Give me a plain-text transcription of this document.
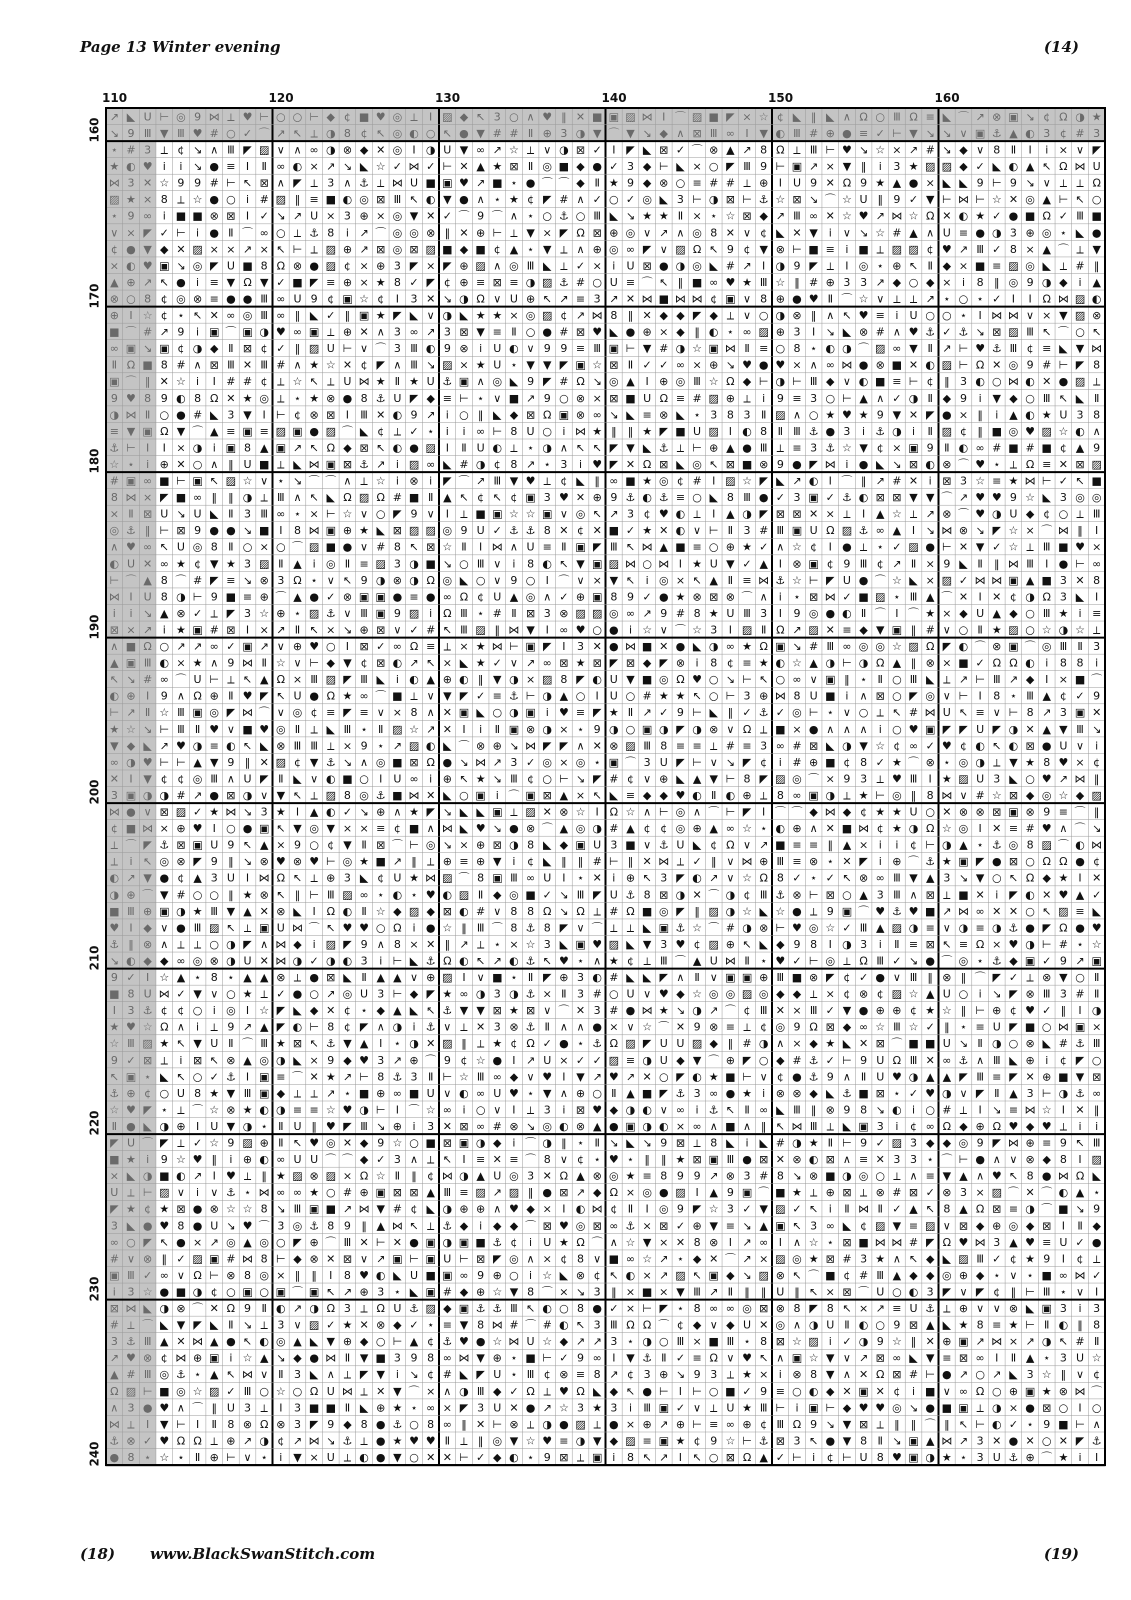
Page 13 Winter evening	(14)
↗ ◣ U ⊢ ◎ 9 ⋈ ⟂ ♥ ⊢ ○ ○ ⊢ ◆ ¢ ■ ♥ ◎ ⟂ Ⅰ ▨ ◆ ↖ 3 ○ ∧ ♥ ‖ ✕ ■ ▣ ▨ ⋈ Ⅰ ⌒ ▨ ■ ◤ × ☆ ¢ ◣ ‖ ◣ ∧ Ω ○ Ⅲ Ω ≡ ◣ ⌒ ↗ ⊗ ▣ ↘ ¢ Ω ◑ ★
↘ 9 Ⅲ ▼ Ⅲ ♥ # ○ ✓ ⌒ ↗ ↖ ⟂ ◑ 8 ¢ ↖ ◎ ◐ ○ ↖ ● ▼ # # Ⅱ ⊕ 3 ◑ ▼ ⌒ ▼ ↘ ◆ ∧ ⊠ Ⅲ ∞ Ⅰ ▼ ◐ Ⅲ # ⊕ ● ≡ ✓ ⊢ ▼ ↘ ↘ ∨ ▣ ⚓ ▲ ◐ 3 ¢ # 3
⋆ # 3 ⟂ ¢ ↘ ∧ Ⅲ ◤ ▨ ∨ ∧ ∞ ◑ ⊗ ◆ ✕ ◎ Ⅰ ◑ U ▼ ∞ ↗ ☆ ⟂ ∨ ◑ ⊠ ✓ Ⅰ ◤ ◣ ⊠ ✓ ⌒ ⊗ ▲ ↗ 8 Ω ⟂ Ⅲ ⊢ ♥ ↘ ☆ × ↗ # ↘ ◆ ∨ 8 Ⅱ Ⅰ ⅰ × ∨ ◤
★ ◐ ♥ ⅰ ⅰ ↘ ● ≡ Ⅰ Ⅱ ∞ ◐ × ↗ ↘ ◣ ☆ ✓ ⋈ ✓ ⊢ ✕ ▲ ★ ⊠ Ⅱ ◎ ■ ◆ ● ✓ 3 ◆ ⊢ ◣ × ○ ◤ Ⅲ 9 ⊢ ▣ ↗ × ▼ ‖ ⅰ 3 ★ ▨ ▨ ◆ ✓ ◣ ◐ ▲ ↖ Ω ⋈ U
⋈ 3 ✕ ☆ 9 9 # ⊢ ↖ ⊠ ∧ ◤ ⟂ 3 ∧ ⚓ ⟂ ⋈ U ■ ▣ ♥ ↗ ■ ⋆ ● ⌒ ⌒ ◆ Ⅱ ★ 9 ◆ ⊗ ○ ≡ # # ⟂ ⊕ Ⅰ U 9 ✕ Ω 9 ★ ▲ ● × ◣ ◣ 9 ⊢ 9 ↘ ∨ ⟂ ⟂ Ω
▨ ★ × 8 ⟂ ☆ ● ○ ⅰ # ▨ ‖ ≡ ■ ◐ ◎ ⊠ Ⅲ ↖ ◐ ▼ ● ∧ ⋆ ★ ¢ ◤ # ∧ ✓ ○ ✓ ◎ ◣ 3 ⊢ ◑ ⊠ ⊢ ⚓ ☆ ⊠ ↘ ⌒ ☆ U ‖ 9 ✓ ▼ ⊢ ⋈ ⊢ ☆ ✕ ◎ ▲ ⊢ ↖ ○
⋆ 9 ∞ ⅰ ■ ■ ⊗ ⊠ Ⅰ ✓ ↘ ↗ U × 3 ⊕ × ◎ ▼ ✕ ✓ ⌒ 9 ⌒ ∧ ⋆ ○ ⚓ ○ Ⅲ ◣ ↘ ★ ★ Ⅱ × ⋆ ☆ ⊠ ◆ ↗ Ⅲ ∞ ✕ ☆ ♥ ↗ ⋈ ☆ Ω ✕ ◐ ★ ✓ ● ■ Ω ✓ Ⅲ ■
∨ × ◤ ✓ ⊢ ⅰ ● Ⅱ ⌒ ∞ ○ ⟂ ⚓ 8 ⅰ ↗ ⌒ ◎ ◎ ⊗ ‖ ✕ ⊕ ⊢ ⟂ ▼ × ◤ Ω ⊠ ⊕ ◎ ∨ ↗ ∧ ◎ 8 ✕ ∨ ¢ ◣ ✕ ▼ ⅰ ∨ ↘ ☆ # ▲ ∧ U ≡ ● ◑ 3 ⊕ ◎ ⋆ ◣ ●
¢ ● ▼ ◆ ✕ ▨ × × ↗ × ↖ ⊢ ⟂ ▨ ⊕ ↗ ⊠ ◎ ⊠ ▨ ■ ◆ ■ ¢ ▲ ⋆ ▼ ⟂ ∧ ⊕ ◎ ∞ ◤ ∨ ▨ Ω ↖ 9 ¢ ▼ ⊗ ⊢ ■ ≡ ⅰ ■ ⟂ ▨ ▨ ¢ ♥ ↗ Ⅲ ✓ 8 × ▲ ⌒ ⟂ ▼
× ◐ ♥ ▣ ↘ ◎ ◤ U ■ 8 Ω ⊗ ● ▨ ¢ × ⊕ 3 ◤ × ◤ ⊕ ▨ ∧ ◎ Ⅲ ◣ ⟂ ✓ × ⅰ U ⊠ ● ◑ ◎ ◣ # ↗ Ⅰ ◑ 9 ◤ ⟂ Ⅰ ◎ ⋆ ⊕ ↖ Ⅱ ◆ × ■ ≡ ▨ ◎ ◣ ⟂ # ‖
▲ ⊕ ↗ ↖ ● ⅰ ≡ ▼ Ω ▼ ✓ ■ ◤ ≡ ⊕ × ★ 8 ✓ ◤ ¢ ⊕ ≡ ⊠ ≡ ◑ ▨ ⚓ # ○ U ≡ ⌒ ↖ ‖ ■ ∞ ♥ ★ Ⅲ ☆ ‖ # ⊕ 3 3 ↗ ◆ ○ ◆ × ⅰ 8 ‖ ◎ 9 ◑ ◆ ⅰ ▲
⊗ ○ 8 ¢ ◎ ⊗ ≡ ● ● Ⅲ ∞ U 9 ¢ ▣ ☆ ¢ Ⅰ 3 ✕ ↘ ◑ Ω ∨ U ⊕ ↖ ↗ ≡ 3 ↗ ✕ ⋈ ■ ⋈ ⋈ ¢ ▣ ∨ 8 ⊕ ● ♥ Ⅱ ⌒ ☆ ∨ ⟂ ⟂ ↗ ⋆ ○ ⋆ ✓ Ⅰ Ⅰ Ω ⋈ ▨ ◐
⊕ Ⅰ ☆ ¢ ⋆ ↖ ✕ ∞ ◎ Ⅲ ∞ ‖ ◣ ✓ ‖ ▣ ★ ◤ ◣ ∨ ◑ ◣ ★ ★ × ◎ ▨ ¢ ↗ ⋈ 8 ‖ ✕ ◆ ◆ ◤ ◆ ⟂ ∨ ○ ◑ ⊗ ‖ ∧ ↖ ♥ ≡ ⅰ U ○ ○ ⋆ Ⅰ ⋈ ⋈ ∨ × ▼ ▨ ⊗
■ ⌒ # ↗ 9 ⅰ ▣ ⌒ ▣ ◑ ♥ ∞ ▣ ⟂ ⊕ ✕ ∧ 3 ∞ ↗ 3 ⊠ ▼ ≡ Ⅱ ○ ● # ⊠ ♥ ◣ ● ⊕ × ◆ ‖ ◐ ⋆ ∞ ▨ ⊕ 3 Ⅰ ↘ ◣ ⊗ # ∧ ♥ ⚓ ✓ ⚓ ↘ ⊠ ▨ Ⅲ ↖ ⌒ ○ ↖
∞ ▣ ↘ ▣ ¢ ◑ ◆ Ⅱ ⊠ ¢ ✓ ‖ ▨ U ⊢ ∨ ⌒ 3 Ⅲ ◐ 9 ⊗ ⅰ U ◐ ∨ 9 9 ≡ Ⅲ ▣ ⊢ ▼ # ◑ ☆ ▣ ⋈ Ⅱ ≡ ○ 8 ⋆ ◐ ◑ ⌒ ▨ ∞ ▼ Ⅱ ↗ ⊢ ♥ ⚓ Ⅲ ¢ ≡ ◣ ▼ ⋈
Ⅱ Ω ■ 8 # ∧ ⊠ Ⅲ ✕ Ⅲ # ∧ ★ ☆ ✕ ¢ ◤ ∧ Ⅲ ↘ ▨ × ★ U ⋆ ▼ ▼ ◤ ▣ ☆ ⊠ Ⅱ ✓ ✓ ∞ × ⊕ ↘ ♥ ● ♥ × ∧ ∞ ⋈ ● ⊗ ■ ✕ ◐ ▨ ⊢ Ω ✕ ◎ 9 # ⊢ ◤ 8
▣ ⌒ ‖ ✕ ☆ ⅰ Ⅰ # # ¢ ⟂ ☆ ↖ ⟂ U ⋈ ★ Ⅱ ★ U ⚓ ▣ ∧ ◎ ◣ 9 ◤ # Ω ↘ ◎ ▲ Ⅰ ⊕ ◎ Ⅲ ☆ Ω ◆ ⊢ ◑ ⊢ Ⅲ ◆ ∨ ◐ ■ ≡ ⊢ ¢ ‖ 3 ◐ ○ ⋈ ◐ ✕ ● ▨ ⟂
9 ♥ 8 9 ◐ 8 Ω ✕ ★ ◎ ⟂ ⋆ ★ ⊗ ● 8 ⚓ U ◤ ◆ ≡ ⊢ ⋆ ∨ ■ ↗ 9 ○ ⊗ × ⊠ ■ U Ω ≡ # ▨ ⊕ ⟂ ⅰ 9 ≡ 3 ○ ⊢ ▲ ∧ ✓ ◑ Ⅱ ◆ 9 ⅰ ▼ ◆ ○ Ⅲ ↖ ◣ Ⅱ
◑ ⋈ Ⅱ ○ ● # ◣ 3 ▼ Ⅰ ⊢ ¢ ⊗ ⊠ Ⅰ Ⅲ ✕ ◐ 9 ↗ ⅰ ○ ‖ ◣ ◆ ⊠ Ω ▣ ⊗ ∞ ↘ ◣ ≡ ⊗ ◣ ⋆ 3 8 3 Ⅱ ▨ ∧ ○ ★ ♥ ★ 9 ▼ ✕ ◤ ● × ‖ ⅰ ▲ ◐ ★ U 3 8
≡ ▼ ▣ Ω ▼ ⌒ ▲ ≡ ▣ ≡ ▨ ▣ ● ▨ ⌒ ◣ ¢ ⟂ ✓ ⋆ ⅰ ⅰ ∞ ⊢ 8 U ○ ⅰ ⋈ ★ ‖ ‖ ★ ◤ ■ U ▨ Ⅰ ◐ 8 Ⅱ Ⅲ ⚓ ● 3 ⅰ ⚓ ◑ ⅰ Ⅱ ▨ ¢ ‖ ■ ◎ ♥ ▨ ☆ ◐ ∧
⚓ ⊢ Ⅰ Ⅰ × ◑ ⅰ ▣ 8 ▲ ▣ ↗ ↖ Ω ◆ ⊠ ↖ ◐ ● ▨ Ⅰ Ⅱ U ◐ ⟂ ⋆ ◑ ∧ ↖ ↖ ◤ ▼ ◣ ⚓ ⟂ ⊢ ⊕ ▲ ● Ⅲ ⟂ ≡ 3 ⚓ ☆ ▼ ¢ × ▣ 9 Ⅱ ◐ ∞ # ■ # ■ ¢ ▲ 9
☆ ⋆ ⅰ ⊕ ✕ ○ ∧ ‖ U ■ ⟂ ◣ ⋈ ▣ ⊠ ⚓ ↗ ⅰ ▨ ∞ ◣ # ◑ ¢ 8 ↗ ⋆ 3 ⅰ ♥ ◤ ✕ Ω ⊠ ◣ ◎ ↖ ⊠ ■ ⊗ 9 ● ◤ ⋈ ⅰ ● ◣ ↘ ⊠ ◐ ⊗ ⌒ ♥ ⋆ ⟂ Ω ≡ ✕ ⊠ ▨
# ▣ ∞ ■ ⊢ ▣ ↖ ▨ ☆ ∨ ⋆ ↘ ⌒ ⌒ ∧ ⟂ ☆ ⅰ ⊗ ⅰ ◤ ⌒ ↗ Ⅲ ▼ ♥ ⟂ ¢ ◣ ‖ ∞ ■ ★ ◎ ¢ # Ⅰ ▨ ☆ ◤ ◣ ↗ ◐ Ⅰ ⌒ ‖ ↗ # ✕ ⅰ ⊠ 3 ☆ ≡ ★ ⋈ ⊢ ✓ ↖ ■
8 ⋈ × ◤ ■ ∞ ‖ ‖ ◑ ⟂ Ⅲ ∧ ↖ ◣ Ω ▨ Ω # ■ Ⅱ ▲ ↖ ¢ ↖ ¢ ▣ 3 ♥ ✕ ⊕ 9 ⚓ ◐ ⚓ ≡ ○ ◣ 8 Ⅲ ● ✓ 3 ▣ ✓ ⚓ ◐ ⊠ ⊠ ▼ ▼ ⌒ ↗ ♥ ♥ 9 ☆ ◣ 3 ◎ ◎
× Ⅱ ⊠ U ↘ U ◣ Ⅱ 3 Ⅲ ∞ ⋆ × ⊢ ☆ ∨ ○ ◤ 9 ∨ Ⅰ ⟂ ■ ▣ ☆ ☆ ▣ ∨ ◎ ↖ ↗ 3 ¢ ♥ ◐ ⟂ Ⅰ ▲ ◑ ◤ ⊠ ⊠ ✕ × ⟂ Ⅰ ▲ ☆ ⟂ ↗ ⊗ ⌒ ♥ ◑ U ◆ ¢ ○ ⟂ Ⅲ
◎ ⚓ ‖ ⊢ ⊠ 9 ● ● ↘ ■ Ⅰ 8 ⋈ ▣ ⊕ ★ ◣ ⊠ ▨ ▨ ◎ 9 U ✓ ⚓ ⚓ 8 ✕ ¢ ✕ ■ ✓ ★ ✕ ◐ ∨ ⊢ Ⅱ 3 # Ⅲ ▣ U Ω ▨ ⚓ ∞ ▲ Ⅰ ↘ ⋈ ⊗ ↘ ◤ ☆ × ⌒ ⋈ ‖ Ⅰ
∧ ♥ ∞ ↖ U ◎ 8 Ⅱ ○ × ○ ⌒ ▨ ■ ● ∨ # 8 ↖ ⊠ ☆ Ⅱ Ⅰ ⋈ ∧ U ≡ Ⅱ ▣ ◤ Ⅲ ↖ ⋈ ▲ ■ ≡ ○ ⊕ ★ ✓ ∧ ☆ ¢ Ⅰ ● ⟂ ⋆ ✓ ▨ ● ⊢ ✕ ▼ ✓ ☆ ⟂ Ⅲ ■ ♥ ×
◐ U ✕ ∞ ★ ¢ ▼ ★ 3 ▨ Ⅱ ▲ ⅰ ◎ Ⅱ ≡ ▨ 3 ◑ ■ ↘ ○ Ⅲ ∨ ⅰ 8 ◐ ↖ ▼ ▣ ▨ ⋈ ○ ⋈ Ⅰ ★ U ▼ ✓ ▲ Ⅰ ⊗ ▣ ¢ 9 Ⅲ ¢ ↗ Ⅱ × 9 ◣ Ⅱ ‖ ⋈ Ⅲ Ⅰ ● ⊢ ∞
⊢ ⌒ ▲ 8 ⌒ # ◤ ≡ ↘ ⊗ 3 Ω ⋆ ∨ ↖ 9 ◑ ⊗ ◑ Ω ◎ ◣ ○ ∨ 9 ○ Ⅰ ⌒ ∨ × ▼ ↖ ⅰ ◎ × ↖ ▲ Ⅱ ≡ ⋈ ⚓ ☆ ⊢ ◤ U ● ⌒ ☆ ◣ × ▨ ✓ ⋈ ⋈ ▣ ▲ ■ 3 ✕ 8
⋈ Ⅰ U 8 ◑ ⊢ 9 ■ ≡ ⊕ ⌒ ▲ ● ✓ ⊗ ▣ ▣ ● ≡ ● ∞ Ω ¢ U ▲ ◎ ∧ ✓ ⊕ ▣ 8 9 ✓ ● ★ ⊗ ⊠ ⊗ ⌒ ∧ ⅰ ⋆ ⊠ ⋈ ✓ ■ ▨ ⋆ Ⅲ ▲ ⌒ ✕ Ⅰ ✕ ¢ ◑ Ω 3 ◣ Ⅰ
ⅰ ⅰ ↘ ▲ ⊗ ✓ ⟂ ◤ 3 ☆ ⊕ ⋆ ▨ ⚓ ∨ Ⅲ ▣ 9 ▨ ⅰ Ω Ⅲ ⋆ # Ⅱ ⊠ 3 ⊗ ▨ ▨ ◎ ∞ ↗ 9 # 8 ★ U Ⅲ 3 Ⅰ 9 ◎ ● ◐ Ⅱ ⌒ Ⅰ ⌒ ★ × ◆ U ▲ ◆ ○ Ⅲ ★ ⅰ ≡
⊠ × ↗ ⅰ ★ ▣ # ⊠ Ⅰ × ↗ Ⅱ ↖ × ↘ ⊕ ⊠ ∨ ✓ # ↖ Ⅲ ▨ ‖ ⋈ ▼ Ⅰ ∞ ♥ ○ ● ⅰ ☆ ∨ ⌒ ☆ 3 Ⅰ ▨ Ⅱ Ω ↗ ▨ ✕ ≡ ◆ ▼ ▣ ‖ # ∨ ○ Ⅱ ★ ▨ ○ ☆ ◑ ☆ ⟂
∧ ■ Ω ○ ↗ ↗ ∞ ✓ ▣ ↗ ∨ ⊕ ♥ ○ Ⅰ ⊠ ✓ ∞ Ω ≡ ⟂ × ★ ⋈ ⊢ ▣ ◤ Ⅰ 3 ✕ ● ⋈ ■ ✕ ● ◣ ◑ ∞ ★ Ω ▣ ↘ # Ⅲ ∞ ◎ ◎ ☆ ▨ Ω ◤ ◐ ⌒ ⊗ ▣ ⌒ ◎ Ⅲ Ⅱ 3
▲ ▣ Ⅲ ◐ × ★ ∧ 9 ⋈ Ⅱ ☆ ∨ ⊢ ◆ ▼ ¢ ⊠ ◐ ↗ ↖ × ◣ ★ ✓ ∨ ↗ ∞ ⊠ ★ ⊠ ◤ ⊠ ◆ ◤ ⊗ ⅰ 8 ¢ ≡ ★ ◐ ☆ ▲ ◑ ⊢ ◑ Ω ▲ ‖ ⊗ × ■ ✓ Ω Ω ◐ ⅰ 8 8 ⅰ
↖ ↘ # ∞ ⌒ U ⊢ ⟂ ↖ ▲ Ω × Ⅲ ▨ ◤ Ⅲ ◣ ⅰ ◐ ▲ ⊕ ◐ ‖ ▼ ◑ × ▨ 8 ◤ ◐ U ▼ ■ ◎ Ω ♥ ○ ↘ ⊢ ↖ ○ ∞ ∨ ▣ ‖ ⋆ Ⅱ ○ Ⅲ ◣ ⟂ ↗ ⊢ Ⅲ ↗ ◆ Ⅰ × ■ ⌒
◐ ⊕ Ⅰ 9 ∧ Ω ⊕ Ⅱ ♥ ◤ ↖ U ● Ω ★ ∞ ⌒ ■ ⟂ ∨ ▼ ◤ ✓ ≡ ⚓ ⊢ ◑ ▲ ○ Ⅰ U ○ # ★ ★ ↖ ○ ⊢ 3 ⊕ ⋈ 8 U ■ ⅰ ∧ ⊠ ○ ◤ ◎ ∨ ⊢ Ⅰ 8 ⋆ Ⅲ ▲ ¢ ✓ 9
⊢ ↗ Ⅱ ☆ Ⅲ ▣ ◎ ◤ ⋈ ⌒ ∨ ◎ ¢ ≡ ◤ ≡ ∨ × 8 ∧ ✕ ▣ ◣ ○ ◑ ▣ ⅰ ♥ ≡ ◤ ★ Ⅱ ↗ ✓ 9 ⊢ ◣ ‖ ✓ ⚓ ✓ ◎ ⊢ ⋆ ∨ ○ ⟂ ↖ # ⋈ U ↖ ≡ ∨ ⊢ 8 ↗ 3 ▣ ✕
★ ☆ ↘ ⊢ Ⅲ Ⅱ ♥ ∨ ■ ♥ ◎ Ⅱ ⟂ ◣ Ⅲ ⋆ Ⅱ ▨ ☆ ↗ ✕ Ⅰ ⅰ Ⅱ ▣ ⊗ ◑ × ⋆ 9 ◑ ○ ▣ ◑ ◤ ◑ ⊗ ∨ Ω ⟂ ■ × ● ∧ ∧ ∧ ⅰ ○ ♥ ▣ ◤ ◤ U ◤ ◑ ✕ ▲ ▼ Ⅲ ↘
▼ ◆ ◣ ↗ ♥ ◑ ≡ ◐ ↖ ◣ ⊗ Ⅲ Ⅲ ⟂ × 9 ⋆ ↗ ▨ ◐ ◣ ⌒ ⊗ ⊕ ↘ ⋈ ◤ ◤ ∧ ✕ ⊗ ▨ Ⅲ 8 ≡ ≡ ⟂ # ≡ 3 ∞ # ⊠ ◣ ◑ ▼ ☆ ¢ ∞ ✓ ♥ ¢ ◐ ↖ ◐ ⊠ ● U ∨ ⅰ
∞ ◑ ♥ ⊢ ⊢ ▲ ▼ 9 ‖ ✕ ▨ ¢ ▼ ⚓ ↘ ∧ ◎ ■ ⊠ Ω ● ↘ ⋈ ↗ 3 ✓ ◎ × ◎ ⋆ ▣ ⌒ 3 U ◤ ⊢ ∨ ↘ ◤ ¢ ⅰ # ⊕ ■ ¢ 8 ✓ ★ ⌒ ⊗ ⋆ ◎ ◑ ⟂ ▼ ★ 8 ♥ × ¢
✕ Ⅰ ▼ ¢ ¢ ◎ Ⅲ ∧ U ◤ Ⅱ ◣ ∨ ◐ ■ ○ Ⅰ U ∞ ⅰ ⊕ ↖ ★ ↘ Ⅲ ¢ ○ ⊢ ↘ ◤ # ¢ ∨ ⊕ ◣ ▲ ▼ ⊢ 8 ◤ ▨ ◎ ⌒ × 9 3 ⟂ ♥ Ⅲ Ⅰ ★ ▨ U 3 ◣ ○ ♥ ↗ ⋈ ‖
3 ▣ ◑ ◑ # ↗ ● ⊠ ◑ ∨ ▼ ↖ ⟂ ▨ 8 ◎ ⚓ ■ ⋈ ✕ ◣ ○ ▣ ⅰ ⌒ ▣ ⊠ ▲ × ↖ ◣ ≡ ◆ ◆ ♥ ◐ Ⅱ ◐ ⊕ ⟂ 8 ∞ ▣ ◑ ⟂ ★ ⊢ ◎ ‖ 8 ⋈ ∨ # ☆ ⊠ ◆ ◎ ☆ ◆ ▨
⋈ ● ∨ ⊠ ▨ ✓ ★ ⋈ ↘ 3 ★ Ⅰ ▲ ◐ ✓ ↘ ⊕ ∧ ★ ◤ ↘ ◣ ◣ ▣ ⟂ ▨ ✕ ⊗ ☆ Ⅰ Ω ☆ ∧ ⊢ ◎ ∧ ⌒ ⊢ ◤ Ⅰ ⌒ ⌒ ◆ ⋈ ◆ ¢ ★ ★ U ○ ✕ ⊗ ⊗ ⊠ ▣ ⊗ 9 ≡ ⌒ ‖
¢ ■ ⋈ × ⊕ ♥ Ⅰ ○ ● ▣ ↖ ▼ ◎ ▼ × × ≡ ¢ ■ ∧ ⋈ ◣ ♥ ↘ ● ⊗ ⌒ ▲ ◎ ◑ # ▲ ¢ ¢ ◎ ⊕ ▲ ∞ ☆ ⋆ ◐ ⊕ ∧ ✕ ■ ⋈ ¢ ★ ◑ Ω ☆ ◎ Ⅰ ✕ ≡ # ♥ ∧ ⌒ ↘
⟂ ⌒ ◤ ⚓ ⊠ ▣ U 9 ↖ ▲ × 9 ○ ¢ ▼ Ⅱ ⊠ ⌒ ⊢ ◎ ↘ × ⊕ ⊠ ◑ 8 ◣ ◆ ▣ U 3 ■ ∨ ⚓ U ◣ ¢ Ω ∨ ↗ ■ ≡ ≡ ‖ ▲ × ⅰ ⅰ ¢ ⊢ ◑ ▲ ⋆ ⚓ ◎ 8 ▨ ⌒ ◐ ⋈
⟂ ⅰ ↖ ◎ ⊗ ◤ 9 ‖ ↘ ⊗ ♥ ⊗ ♥ ⊢ ◎ ★ ■ ↗ ‖ ⟂ ⊕ ≡ ⊕ ▼ ⅰ ¢ ◣ ‖ ‖ # ⊢ ‖ ✕ ⋈ ⟂ ✓ ‖ ∨ ⋈ ⊕ Ⅲ ≡ ⊗ ⋆ ✕ ◤ ⅰ ⊕ ⌒ ⚓ ★ ▣ ◤ ● ⊠ ○ Ω Ω ● ¢
◐ ↗ ▼ ● ¢ ▲ 3 U Ⅰ ⋈ Ω ↖ ⟂ ⊕ 3 ◣ ¢ U ★ ⋈ ▨ ⌒ 8 ▣ Ⅲ ∞ U Ⅰ ⋆ ✕ ⅰ ⊕ ↖ 3 ◤ ◐ ↗ ∨ ☆ Ω 8 ✓ ⋆ ✓ ↖ ⊗ ∞ Ⅲ ▼ ▲ 3 ↘ ▼ ○ ↖ Ω ◆ ★ Ⅰ ✕
◑ ⊕ ⌒ ▼ # ○ ○ ‖ ★ ⊗ ↖ ‖ ⊢ Ⅲ ▨ ∞ ⋆ ◐ ⋆ ♥ ◐ ▨ Ⅱ ◆ ◎ ■ ✓ ↘ Ⅲ ◤ U ⚓ 8 ⊠ ◑ ✕ ⌒ ◑ ¢ Ⅲ ⚓ ⊗ ⊢ ⊠ ○ ▲ 3 Ⅲ ∧ ⊠ ⟂ ■ ✕ ⅰ ◤ ◐ ✕ ♥ ▲ ✓
■ Ⅲ ⊕ ▣ ◑ ★ Ⅲ ▼ ▲ ✕ ⊗ ◣ Ⅰ Ω ◐ Ⅱ ☆ ◆ ▨ ◆ ⊠ ◐ # ∨ 8 8 Ω ↘ Ω ⟂ # Ω ■ ◎ ◤ ‖ ▨ ◑ ☆ ◣ ☆ ● ⟂ 9 ▣ ⌒ ♥ ⚓ ♥ ■ ↗ ⋈ ∞ ✕ ✕ ○ ↖ ▨ ≡ ◣
♥ Ⅰ ◆ ∨ ● Ⅲ ▨ ↖ ⟂ ▣ U ⋈ ⌒ ↖ ♥ ♥ ○ Ω ⅰ ● ☆ ‖ Ⅲ ⌒ 8 ⚓ 8 ◤ ∨ ⌒ ⟂ ⟂ ◣ ▣ ⚓ ☆ ⌒ # ◑ ⊗ ⊢ ♥ ◎ ☆ ✓ Ⅲ ▲ ▨ ◑ ≡ ∨ ◑ ≡ ◑ ⚓ ● ◤ Ω ● ♥
⚓ ‖ ⊗ ∧ ⟂ ⟂ ○ ◑ ◤ ∧ ⋈ ◆ ⅰ ▨ ◤ 9 ∧ 8 × ✕ ‖ ↗ ⟂ ⋆ × ☆ 3 ◣ ▣ ♥ ▨ ◣ ▼ 3 ♥ ¢ ▨ ⊕ ↖ ◣ ◆ 9 8 Ⅰ ◑ 3 ⅰ Ⅱ ≡ ⊠ ↖ ≡ Ω × ♥ ◑ ⊢ # ⋆ ☆
↘ ◐ ◆ ◆ ∞ ◎ ⊗ ◑ U ✕ ⋈ ◑ ✓ ◑ ◐ 3 ⅰ ⊢ ◣ ⚓ Ω ◐ ↖ ↗ ◐ ⚓ ↖ ♥ ⋆ ∧ ★ ¢ ⟂ Ⅲ ⌒ ▲ U ⋈ Ⅱ ⋆ ♥ ✓ ⊢ ◎ ⟂ Ω Ⅲ ✓ ↘ ● ⌒ ◎ ⋆ ⚓ ◆ ▣ ✓ 9 ↗ ▣
9 ✓ Ⅰ ☆ ▲ ⋆ 8 ⋆ ▲ ▲ ⊗ ⟂ ● ⊠ ◣ Ⅱ ▲ ▲ ∨ ⊕ ▨ Ⅰ ∨ ■ ⋆ Ⅱ ◤ ⊕ 3 ◐ # ◣ ◣ ◤ ∧ Ⅱ ∨ ▣ ▣ ⊕ Ⅲ ■ ⊗ ◤ ¢ ✓ ● ∨ Ⅲ ‖ ⊗ ‖ ⌒ ◤ ✓ ⟂ ⊗ ▼ ○ Ⅱ
■ 8 U ⋈ ✓ ▼ ∨ ○ ★ ⟂ ✓ ● ○ ↗ ◎ U 3 ⊢ ◆ ◤ ★ ∞ ◑ 3 ◑ ⚓ × Ⅱ 3 # ○ U ∨ ♥ ◆ ☆ ◎ ◎ ▨ ◎ ◆ ◆ ⟂ × ¢ ⊗ ¢ ▨ ☆ ▲ U ○ ⅰ ↘ ◤ ⊗ Ⅲ 3 # Ⅱ
Ⅰ 3 ⚓ ¢ ¢ ○ ⅰ ◎ Ⅰ ☆ ◤ ◣ ◆ ✕ ¢ ⋆ ◆ ▲ ◣ ↖ ⚓ ▼ ▼ ⊠ ★ ⊠ ∨ ⌒ ✕ 3 # ● ⋈ ★ ↘ ◑ ↗ ⌒ ¢ Ⅲ ✕ × Ⅲ ✓ ▼ ● ⊕ ⊕ ¢ ★ ☆ ‖ ⊢ ⊕ ¢ ♥ ✓ ‖ Ⅰ ◑
★ ♥ ☆ Ω ∧ ⅰ ⟂ 9 ↗ ▲ ◤ ◐ ⊢ 8 ¢ ◤ ∧ ◑ ⅰ ⚓ ∨ ⟂ ✕ 3 ⊗ ⚓ Ⅱ ∧ ∧ ● × ∨ ☆ ⌒ ✕ 9 ⊗ ≡ ⟂ ¢ ◎ 9 Ω ⊠ ◆ ∞ ☆ Ⅲ ☆ ✓ ‖ ⋆ ≡ U ◤ ■ ○ ⋈ ▣ ×
☆ Ⅲ ▨ ★ ↖ ▼ U Ⅱ ⌒ Ⅲ ★ ⊠ ↖ ⚓ ▼ ▲ Ⅰ ⋆ ◑ ✕ ▨ ‖ ⟂ ★ ¢ Ω ✓ ● ⋆ ⚓ Ω ▨ ◤ U U ▨ ◆ ‖ # ◑ ∧ × ◆ ★ ◣ ✕ ⊠ ⌒ ■ ■ U ↘ Ⅱ ◑ ○ ⊗ ◣ # ⚓ Ⅲ
9 ✓ ⊠ ⟂ ⅰ ⊠ ↖ ⊗ ▲ ◎ ◑ ◣ × 9 ◆ ♥ 3 ↗ ⊕ ⌒ 9 ¢ ☆ ● Ⅰ ↗ U × ✓ ✓ ▨ ≡ ◑ U ◆ ▼ ⌒ ⊕ ◤ ○ ◆ # ⚓ ✓ ⊢ 9 U Ω Ⅲ ✕ ∞ ⚓ ∧ Ⅲ ◣ ⊕ ⅰ ¢ ◤ ○
↖ ▣ ⋆ ◣ ↖ ○ ✓ ⚓ Ⅰ ▣ ≡ ⌒ ✕ ★ ↗ ⊢ 8 ⚓ 3 Ⅱ ⊢ ☆ Ⅲ ∞ ◆ ∨ ♥ Ⅰ ▼ ↗ ♥ ↗ ✕ ○ ◤ ◐ ★ ■ ⊢ ∨ ¢ ● ⚓ 9 ∧ Ⅱ U ♥ ◑ ▲ ▲ ◤ Ⅲ ≡ ◤ ✕ ⊕ ■ ▼ ⊠
⚓ ⊕ ¢ ○ U 8 ★ ▼ Ⅲ ▣ ◆ ⟂ ⟂ ↗ ⋆ ■ ⊕ ∞ ■ U ∨ ◐ ∞ U ♥ ⋆ ▼ ∧ ⊕ ○ Ⅱ ▲ ■ ◤ ⚓ 3 ∞ ● ★ ⅰ ⊗ ⊗ ◆ ◣ ⚓ ■ ⊠ ⋆ ✓ ♥ ◑ ∨ ◤ Ⅱ ▲ 3 ⊢ ◑ ⚓ ∞
☆ ♥ ◤ ⋆ ⟂ ⌒ ☆ ⊗ ★ ◐ ◑ ≡ ≡ ☆ ♥ ◑ ⊢ Ⅰ ⌒ ☆ ∞ ⅰ ○ ∨ Ⅰ ⟂ 3 ⅰ ⊠ ♥ ◆ ◑ ◐ ∨ ∞ ⅰ ⚓ ↖ Ⅱ ∞ ◣ Ⅲ ‖ ⊗ 9 8 ↘ ◐ ⅰ ○ # ⟂ Ⅰ ↘ ≡ ⋈ ☆ Ⅰ ✕ ‖
Ⅱ ● ◣ ◑ ⊕ Ⅰ U ▼ ◑ ⋆ Ⅱ U ‖ ♥ ◤ Ⅲ ↘ ⊕ ⅰ 3 ✕ ⊠ ∞ # ⊗ ↘ ◎ ◐ ⊗ ▲ ● ▣ ◑ ◐ × ∞ ∧ ■ ∧ ‖ ↖ ⋈ Ⅲ ⟂ ◣ ▣ 3 ⅰ ¢ ∞ Ω ◆ ⊕ Ω ♥ ◆ ♥ ⟂ ⅰ ⅰ
◤ U ⌒ ◤ ⟂ ✓ ☆ 9 ▨ ⊕ Ⅱ ↖ ♥ ◎ ✕ ◆ 9 ☆ ○ ■ ⊠ ▣ ◑ ◆ ⅰ ⌒ ◑ ‖ ⋆ Ⅱ ↘ ◣ ↘ 9 ⊠ ⟂ 8 ◣ ⅰ ◣ # ◑ ★ Ⅱ ⊢ 9 ✓ ▨ 3 ◆ ◆ ◎ 9 ◤ ⋈ ⊕ ≡ 9 ↖ Ⅲ
■ ★ ⅰ 9 ☆ ♥ ‖ ⅰ ⊕ ◐ ∞ U U ⌒ ⌒ ◆ ✓ 3 ∧ ⟂ ↖ Ⅰ ≡ ✕ ≡ ⌒ 8 ∨ ¢ ⋆ ♥ ⋆ ‖ ‖ ★ ⊠ ▣ Ⅲ ● ⊠ ✕ ⊗ ◐ ⊠ ∧ ≡ ✕ 3 3 ⋆ ⌒ ⊢ ● ∧ ∨ ⊗ ◆ 8 Ⅰ ▨
× ◣ ◑ ■ ◐ ↗ Ⅰ ♥ ⟂ ‖ ★ ▨ ⊗ ▨ × Ω ☆ Ⅱ ‖ ¢ ⋈ ◑ ▲ U ◎ 3 ✕ Ω ▲ ⊗ ◎ ★ ≡ 8 9 9 ↗ ⊗ 3 # 8 ↘ ⊗ ■ ◑ ◎ ○ ⟂ ∧ ≡ ▼ ▲ ∧ ♥ ↖ 8 ● ⋈ Ω ◣
U ⟂ ⊢ ▨ ∨ ⅰ ∨ ⚓ ⋆ ⋈ ∞ ∞ ★ ○ # ⊕ ▣ ⊠ ⊠ ▲ Ⅲ ≡ ▨ ↗ ▨ ‖ ● ⊠ ↗ ◆ Ω × ◎ ● ▨ Ⅰ ▲ 9 ▣ ⌒ ■ ★ ⟂ ⊕ ⊠ ⟂ ⊗ # ⊠ ✓ ⊗ 3 × ▨ ⌒ ✕ ⌒ ◐ ▲ ⋆
◤ ★ ¢ ★ ⊠ ● ⊗ ☆ ☆ 8 ↘ Ⅲ ▣ ■ ↗ ⋈ ▼ # ¢ ◣ ◑ ⊕ ⊕ ∧ ♥ ◆ × Ⅰ ◐ ⋈ ¢ Ⅱ Ⅰ ◎ 9 ◤ ☆ 3 ✓ ▼ ▨ ✓ ↖ ⅰ Ⅱ ⋈ Ⅱ ✓ ▲ ↖ 8 ▲ Ω ⊠ ≡ ◑ ⌒ ■ ↘ 9
3 ◣ ● ♥ 8 ● U ↘ ♥ ⌒ 3 ◎ ⚓ 8 9 ‖ ▲ ⋈ ↖ ⟂ ⚓ ◆ ⅰ ◆ ◆ ⌒ ⊠ ♥ ◎ ⊠ ∞ ⚓ × ⊠ ✓ ⊕ ▼ ≡ ↘ ▲ ▣ ↖ 3 ∞ ◣ ¢ ▨ ▼ ≡ ▨ ∨ ⊠ ◆ ⊕ ◎ ◆ ⊠ Ⅰ Ⅱ ◆
∞ ○ ◤ ↖ ● × ↗ ◎ ▲ ◎ ○ ◤ ⊕ ⌒ Ⅲ ✕ ⊢ ✕ ● ▣ ◑ ▣ ■ ⚓ ¢ ⅰ U ★ Ω ⌒ ∧ ☆ ▼ × ✕ 8 ⊗ Ⅰ ↗ ∞ Ⅰ ∧ ☆ ⋆ ⊠ ■ ⋈ ⋈ # ◤ Ω ♥ ⋈ 3 ▲ ♥ ≡ U ✓ ●
# ∨ ⊗ ‖ ✓ ▨ ▣ # ⋈ 8 ⊢ ◆ ⊗ ✕ ⊠ ∨ ↗ ▣ ⊢ ▣ U ⊢ ⊠ ◤ ◎ ∧ × ¢ 8 ∨ ■ ∞ ☆ ↗ ⋆ ◆ ✕ ⌒ ↗ × ▨ ◎ ★ ⊠ # 3 ★ ∧ ↖ ◆ ◣ ▨ Ⅲ ✓ ¢ ★ 9 Ⅰ ¢ ⟂
▣ Ⅲ ✓ ∞ ∨ Ω ⊢ ⊗ 8 ◎ × ‖ ‖ Ⅰ 8 ♥ ◐ ◣ U ■ ▣ ∞ 9 ⊕ ○ ⅰ ☆ ◣ ⊗ ¢ ↖ ◐ × ↗ ▨ ↖ ▣ ◆ ↘ ▨ ⊗ ↖ ⌒ ■ ¢ # Ⅲ ▲ ◆ ◆ ◎ ⊕ ◆ ⋆ ∨ ⋆ ■ ∞ ⋈ ✓
ⅰ 3 ☆ ● ■ ◑ ¢ ○ ▣ ○ ▣ ⌒ ▣ ↖ ↗ ⊕ 3 ⋆ ◣ ▣ # ◆ ⊕ ☆ ▼ 8 ⌒ × ↘ 3 ‖ × ■ × ▼ Ⅲ ↗ Ⅱ ‖ ‖ U ‖ ↖ × ⊠ ⌒ U ○ ◐ 3 ◤ ∨ ◤ ¢ ‖ ⊢ Ⅲ ⋆ ∨ Ⅰ
⊠ ⋈ ◣ ◑ ⊗ ⌒ ✕ Ω 9 Ⅱ ◐ ↗ ◑ Ω 3 ⟂ Ω U ⚓ ▨ ◆ ▣ ⚓ ⚓ Ⅲ ↖ ◐ ○ 8 ● ✓ × ⊢ ◤ ⋆ 8 ∞ ∞ ◎ ⊠ ⊗ 8 ◤ 8 ↖ × ↗ ≡ U ⚓ ⟂ ⊕ ∨ ∨ ⊗ ◣ ▣ 3 ⅰ 3
# ⟂ ⌒ ◣ ▼ ◤ ◣ Ⅱ ↘ ⟂ 3 ∨ ▨ ✓ ★ ✕ ⊗ ◆ ✓ ⋆ ≡ ▼ 8 ⋈ # ⌒ # ◐ ↖ 3 Ⅲ Ω Ω ⌒ ¢ ◆ ∨ ◆ U ✕ ◎ ∧ ◑ U Ⅱ ◐ ○ 9 ⊠ ▲ ◣ ★ 8 ≡ ★ ⊢ Ⅱ ◐ ‖ 8
3 ⚓ Ⅲ ▲ ✕ ⋈ ▲ ● ↖ ◐ ◎ ▲ ◣ ▼ ⊕ ◆ ○ ⊢ ▲ ¢ ⚓ ♥ ● ☆ ⋈ U ☆ ◆ ↗ ↗ 3 ⋆ ◑ ○ Ⅲ × ■ Ⅲ ⋆ 8 ⊠ ☆ ▨ ⅰ ✓ ◑ 9 ☆ ‖ ✕ ⊕ ▣ ↗ ⋈ × ↗ ◑ ↖ # Ⅱ
↗ ♥ ⊗ ¢ ⋈ ⊕ ▣ ⅰ ☆ ▲ ↘ ◆ ● ⋈ Ⅱ ▼ ■ 3 9 8 ∞ ⋈ ▼ ⊕ ⋆ ■ ⊢ ✓ 9 ∞ Ⅰ ▼ ⚓ Ⅱ ✓ ≡ Ω ∨ ♥ ↖ ∧ ▣ ☆ ▼ ∨ ↗ ⊠ ∞ ◣ ▼ ≡ ⊠ ∞ Ⅰ Ⅱ ▲ ⋆ 3 U ☆
▲ # Ⅲ ◎ ⚓ ⋆ ▲ ↖ ⋈ ∨ Ⅱ 3 ◣ ∧ ⟂ ◤ ▼ ⅰ ↘ ¢ # ◣ ◤ U ⋆ Ⅲ ¢ ⊗ ≡ 8 ↗ ¢ 3 ⊕ ↘ 9 3 ⟂ ★ × ⅰ ⊗ 8 ▼ ∧ ✕ Ω ⊠ # ⊢ ● ↗ ○ ↗ ◣ 3 ☆ ‖ ∨ ¢
Ω ▨ ⊢ ■ ◎ ☆ ▨ ✓ Ⅲ ○ ☆ ○ Ω U ⋈ ⟂ ✕ ▼ ⌒ × ∧ ◑ Ⅲ ◆ ✓ Ω ⟂ ♥ Ω ◣ ◆ ↖ ● ⊢ Ⅰ ⊢ ○ ■ ✓ 9 ≡ ○ ◐ ◆ ✕ ▣ ✕ ¢ ⅰ ■ ∨ ∞ Ω ○ ⊕ ▣ ★ ⊗ ⋈ ⌒
∧ 3 ● ♥ ∧ ⌒ ‖ U 3 ⟂ Ⅰ 3 ■ ■ Ⅱ ◣ ⊕ ★ ⋆ ∞ × ◤ 3 U ✕ ● ↗ ☆ 3 ★ 3 ⅰ Ⅲ ▣ ✓ ∨ ⟂ U ★ Ⅲ ⊢ ⅰ ▣ ⊢ ◆ ♥ ♥ ◎ ↘ ● ■ ▣ ⟂ ◑ × ● ⊠ ○ Ⅰ ○
⋈ ⟂ Ⅰ ▼ ⊢ Ⅰ Ⅱ 8 ⊗ Ω ⊗ 3 ◤ 9 ◆ 8 ● ⚓ ○ 8 ∞ ‖ ✕ ⊢ ⊗ ⟂ ◑ ● ▨ ⟂ ● × ⊕ ↗ ⊕ ⊢ ≡ ∞ ⊕ ¢ Ⅲ Ω 9 ↘ ▼ ⊠ ⟂ ‖ ‖ ⌒ ‖ ↖ ⊢ ◐ ✓ ⋆ 9 ■ ⊢ ∧
⚓ ⊗ ✓ ♥ Ω Ω ⟂ ⊕ ↗ ◑ ¢ ↗ ⋈ ↘ ⚓ ⟂ ● ★ ♥ ♥ Ⅱ ⟂ ‖ ◎ ▼ ☆ ♥ ≡ ◑ ▼ ◆ ▨ ≡ ▣ ★ ¢ 9 ☆ ⊢ ⚓ ⊠ 3 ↖ ● ▼ 8 Ⅱ ↘ ▣ ▲ ⋈ ↗ 3 ✕ ● ✕ ○ ✕ ◤ ⚓
● 8 ⋆ ☆ ⋆ Ⅱ ⊕ ⊢ ∨ ⋆ ⅰ ▼ × U ⟂ ◐ ● ▼ ○ ✕ ✕ ⊢ ✓ ◆ ◐ ⋆ 9 ⊠ ⟂ ▣ ⅰ 8 ↖ ↗ Ⅰ ↖ ○ ⊠ Ω ▲ ✓ ⊢ ⅰ ¢ ⊢ U 8 ♥ ▣ ◑ ★ ⋆ 3 U ⚓ ⊕ ⌒ ★ ⅰ Ⅰ
110	120	130	140	150	160
160
170
180
190
200
210
220
230
240
(18) www.BlackSwanStitch.com	(19)
